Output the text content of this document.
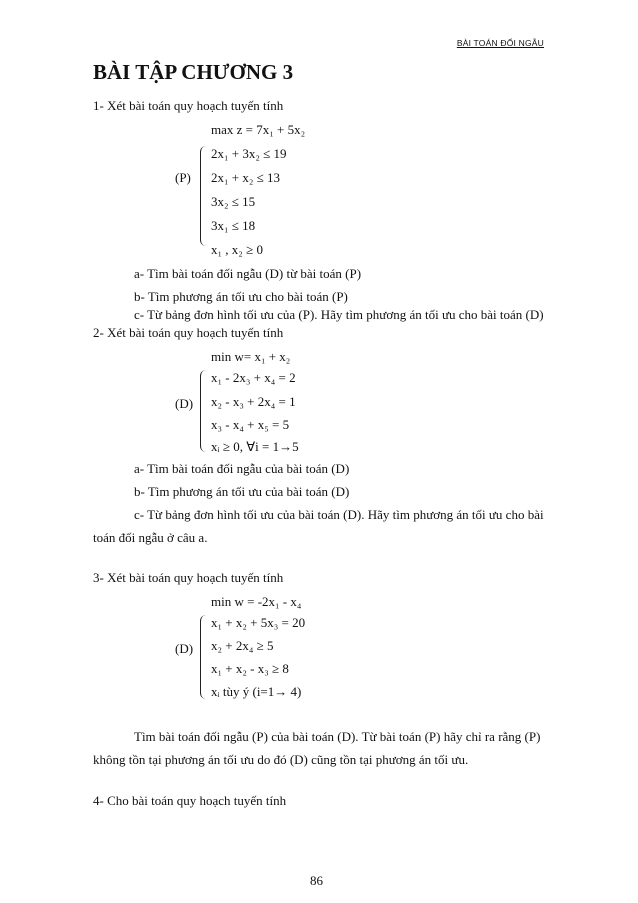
BÀI TOÁN ĐỐI NGẪU
BÀI TẬP CHƯƠNG 3
1- Xét bài toán quy hoạch tuyến tính
max z = 7x₁ + 5x₂
(P)
2x₁ + 3x₂ ≤ 19
2x₁ + x₂ ≤ 13
3x₂ ≤ 15
3x₁ ≤ 18
x₁ , x₂ ≥ 0
a- Tìm bài toán đối ngẫu (D) từ bài toán (P)
b- Tìm phương án tối ưu cho bài toán (P)
c- Từ bảng đơn hình tối ưu của (P). Hãy tìm phương án tối ưu cho bài toán (D)
2- Xét bài toán quy hoạch tuyến tính
min w= x₁ + x₂
(D)
x₁ - 2x₃ + x₄ = 2
x₂ - x₃ + 2x₄ = 1
x₃ - x₄ + x₅ = 5
xᵢ ≥ 0, ∀i = 1→5
a- Tìm bài toán đối ngẫu của bài toán (D)
b- Tìm phương án tối ưu của bài toán (D)
c- Từ bảng đơn hình tối ưu của bài toán (D). Hãy tìm phương án tối ưu cho bài
toán đối ngẫu ở câu a.
3- Xét bài toán quy hoạch tuyến tính
min w = -2x₁ - x₄
(D)
x₁ + x₂ + 5x₃ = 20
x₂ + 2x₄ ≥ 5
x₁ + x₂ - x₃ ≥ 8
xᵢ tùy ý (i=1→ 4)
Tìm bài toán đối ngẫu (P) của bài toán (D). Từ bài toán (P) hãy chỉ ra rằng (P)
không tồn tại phương án tối ưu do đó (D) cũng tồn tại phương án tối ưu.
4- Cho bài toán quy hoạch tuyến tính
86
